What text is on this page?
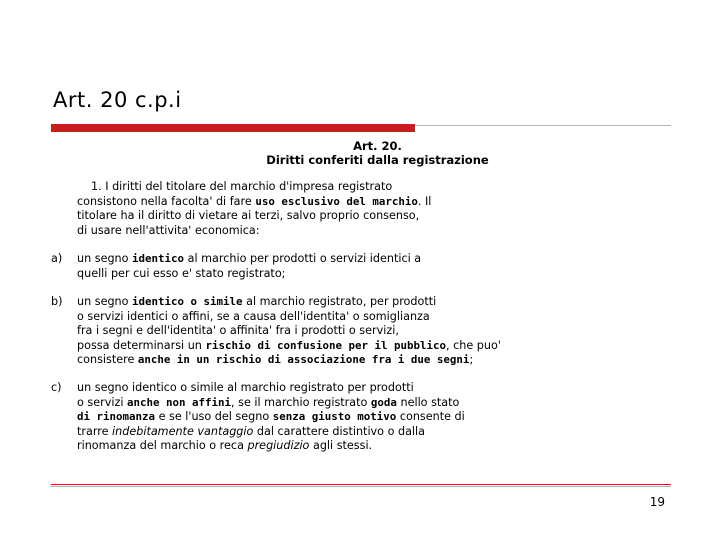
Art. 20 c.p.i
Art. 20.
Diritti conferiti dalla registrazione
1. I diritti del titolare del marchio d'impresa registrato
consistono nella facolta' di fare uso esclusivo del marchio. Il
titolare ha il diritto di vietare ai terzi, salvo proprio consenso,
di usare nell'attivita' economica:
a) un segno identico al marchio per prodotti o servizi identici a
quelli per cui esso e' stato registrato;
b) un segno identico o simile al marchio registrato, per prodotti
o servizi identici o affini, se a causa dell'identita' o somiglianza
fra i segni e dell'identita' o affinita' fra i prodotti o servizi,
possa determinarsi un rischio di confusione per il pubblico, che puo'
consistere anche in un rischio di associazione fra i due segni;
c) un segno identico o simile al marchio registrato per prodotti
o servizi anche non affini, se il marchio registrato goda nello stato
di rinomanza e se l'uso del segno senza giusto motivo consente di
trarre indebitamente vantaggio dal carattere distintivo o dalla
rinomanza del marchio o reca pregiudizio agli stessi.
19
